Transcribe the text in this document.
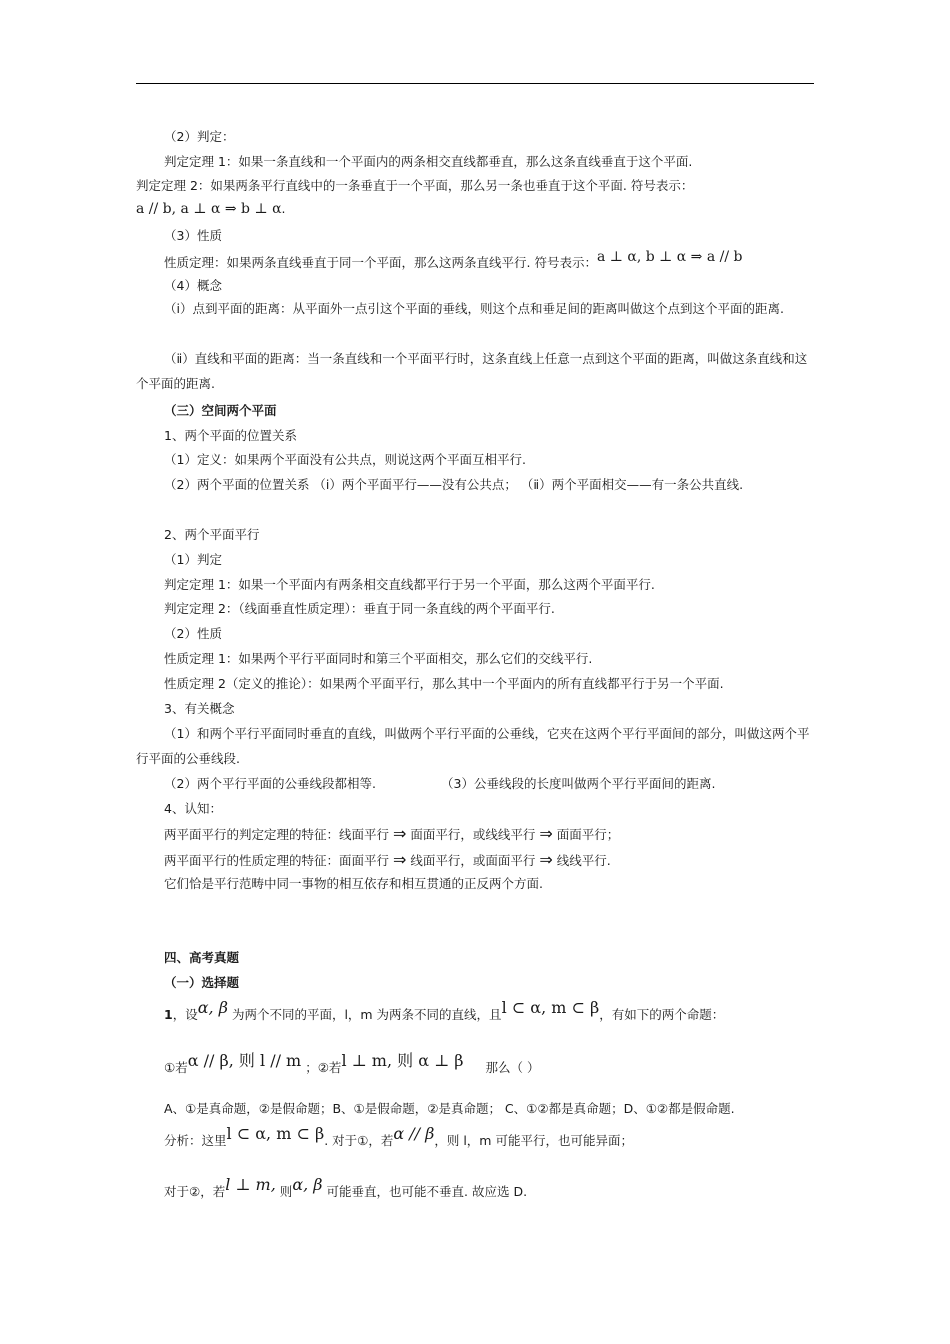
（2）判定：
判定定理 1：如果一条直线和一个平面内的两条相交直线都垂直，那么这条直线垂直于这个平面.
判定定理 2：如果两条平行直线中的一条垂直于一个平面，那么另一条也垂直于这个平面. 符号表示：
a // b, a ⊥ α ⇒ b ⊥ α.
（3）性质
性质定理：如果两条直线垂直于同一个平面，那么这两条直线平行. 符号表示：a ⊥ α, b ⊥ α ⇒ a // b
（4）概念
（ⅰ）点到平面的距离：从平面外一点引这个平面的垂线，则这个点和垂足间的距离叫做这个点到这个平面的距离.
（ⅱ）直线和平面的距离：当一条直线和一个平面平行时，这条直线上任意一点到这个平面的距离，叫做这条直线和这个平面的距离.
（三）空间两个平面
1、两个平面的位置关系
（1）定义：如果两个平面没有公共点，则说这两个平面互相平行.
（2）两个平面的位置关系 （ⅰ）两个平面平行——没有公共点； （ⅱ）两个平面相交——有一条公共直线.
2、两个平面平行
（1）判定
判定定理 1：如果一个平面内有两条相交直线都平行于另一个平面，那么这两个平面平行.
判定定理 2：（线面垂直性质定理）：垂直于同一条直线的两个平面平行.
（2）性质
性质定理 1：如果两个平行平面同时和第三个平面相交，那么它们的交线平行.
性质定理 2（定义的推论）：如果两个平面平行，那么其中一个平面内的所有直线都平行于另一个平面.
3、有关概念
（1）和两个平行平面同时垂直的直线，叫做两个平行平面的公垂线，它夹在这两个平行平面间的部分，叫做这两个平行平面的公垂线段.
（2）两个平行平面的公垂线段都相等.	（3）公垂线段的长度叫做两个平行平面间的距离.
4、认知：
两平面平行的判定定理的特征：线面平行 ⇒ 面面平行，或线线平行 ⇒ 面面平行；
两平面平行的性质定理的特征：面面平行 ⇒ 线面平行，或面面平行 ⇒ 线线平行.
它们恰是平行范畴中同一事物的相互依存和相互贯通的正反两个方面.
四、高考真题
（一）选择题
1，设α, β 为两个不同的平面，l，m 为两条不同的直线，且l ⊂ α, m ⊂ β，有如下的两个命题：
①若α // β, 则 l // m ；②若l ⊥ m, 则 α ⊥ β 那么（ ）
A、①是真命题，②是假命题；B、①是假命题，②是真命题； C、①②都是真命题；D、①②都是假命题.
分析：这里l ⊂ α, m ⊂ β. 对于①，若α // β，则 l，m 可能平行，也可能异面；
对于②，若l ⊥ m, 则α, β 可能垂直，也可能不垂直. 故应选 D.
